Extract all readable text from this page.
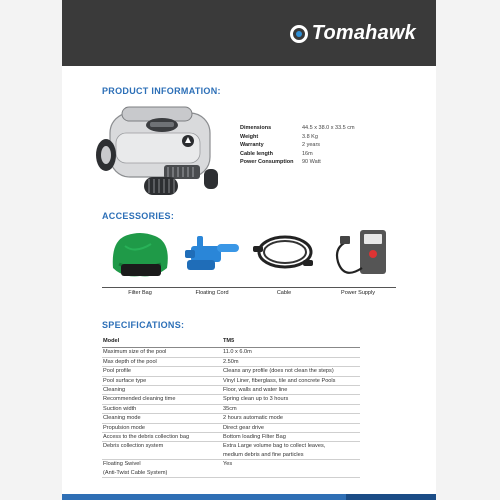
Tomahawk
PRODUCT INFORMATION:
Dimensions	44.5 x 38.0 x 33.5 cm
Weight	3.8 Kg
Warranty	2 years
Cable length	16m
Power Consumption	90 Watt
ACCESSORIES:
Filter Bag	Floating Cord	Cable	Power Supply
SPECIFICATIONS:
Model	TM5
Maximum size of the pool	11.0 x 6.0m
Max depth of the pool	2.50m
Pool profile	Cleans any profile (does not clean the steps)
Pool surface type	Vinyl Liner, fiberglass, tile and concrete Pools
Cleaning	Floor, walls and water line
Recommended cleaning time	Spring clean up to 3 hours
Suction width	35cm
Cleaning mode	2 hours automatic mode
Propulsion mode	Direct gear drive
Access to the debris collection bag	Bottom loading Filter Bag
Debris collection system	Extra Large volume bag to collect leaves,
medium debris and fine particles

Floating Swivel
(Anti-Twist Cable System)	Yes
